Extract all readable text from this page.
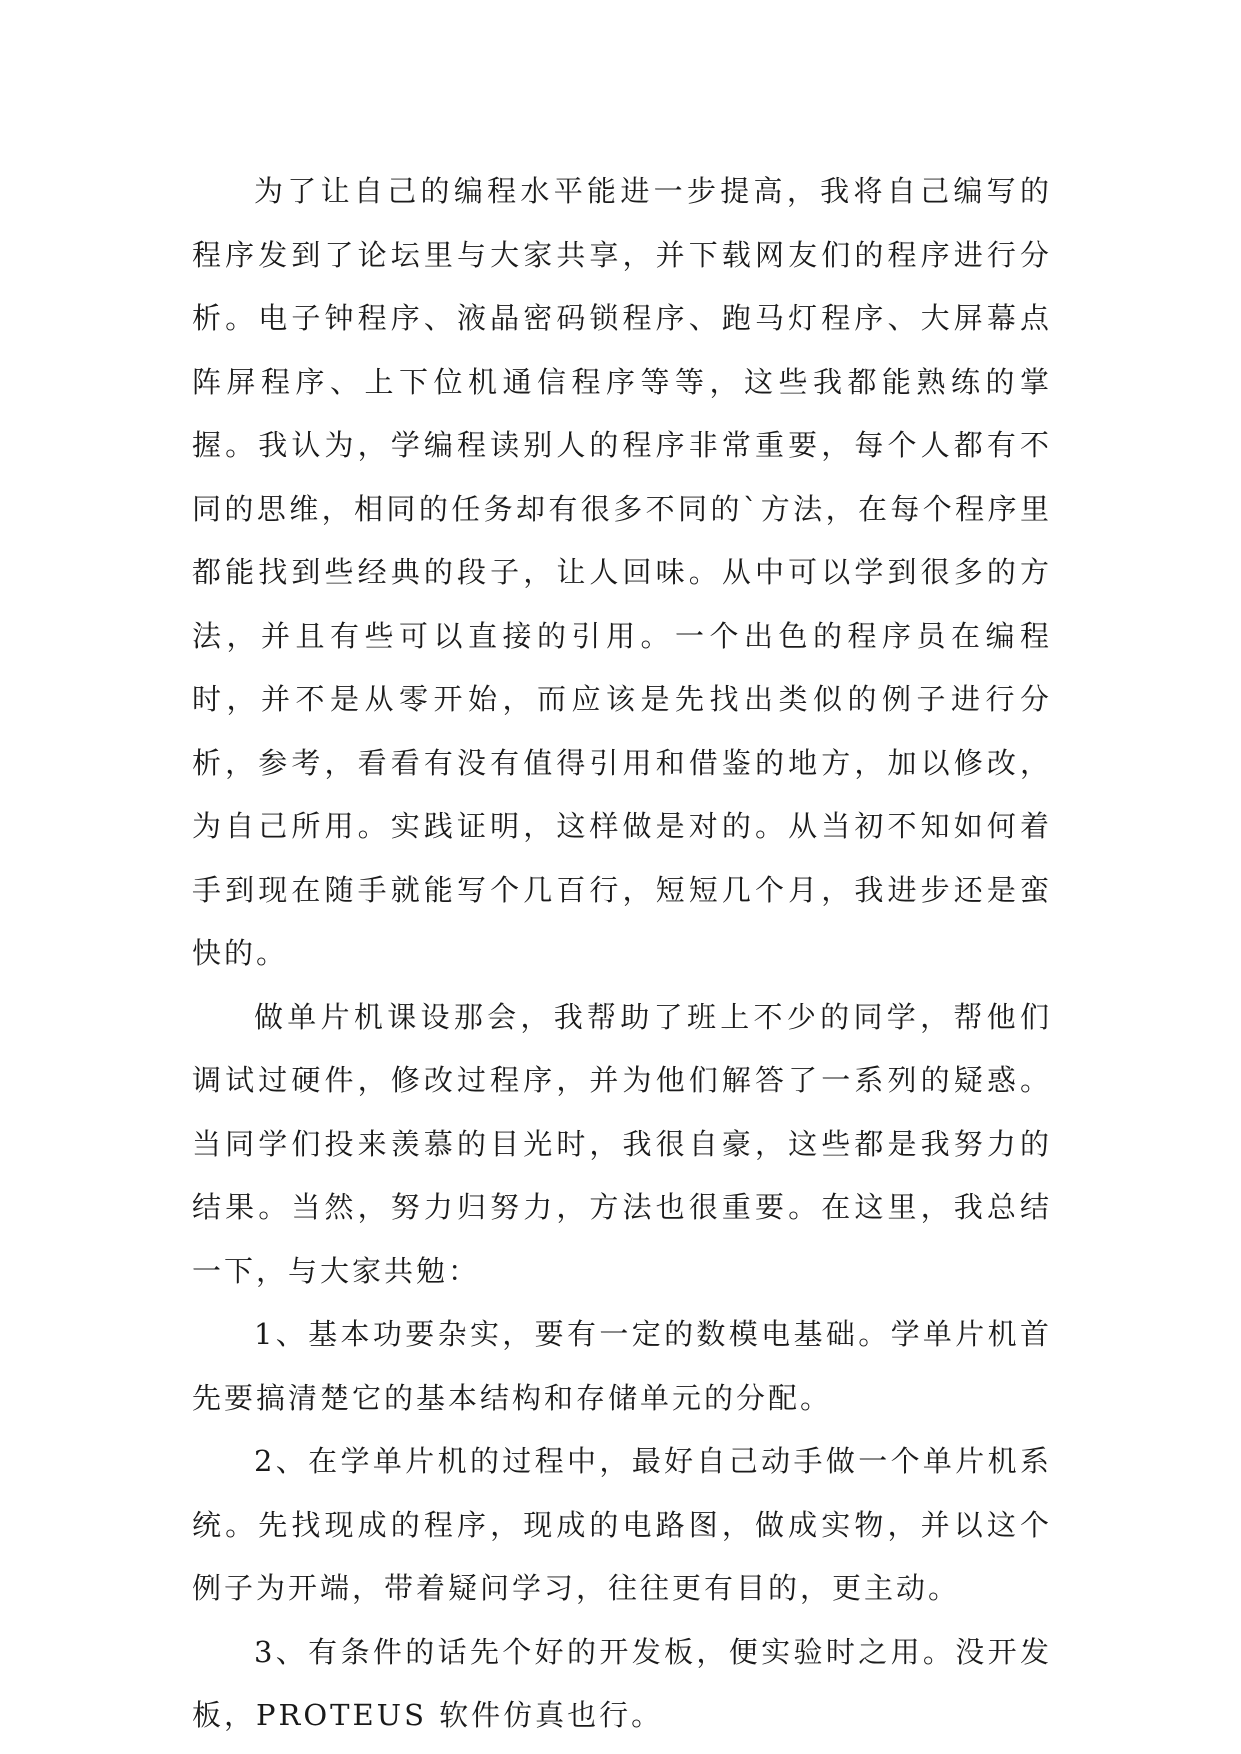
为了让自己的编程水平能进一步提高，我将自己编写的程序发到了论坛里与大家共享，并下载网友们的程序进行分析。电子钟程序、液晶密码锁程序、跑马灯程序、大屏幕点阵屏程序、上下位机通信程序等等，这些我都能熟练的掌握。我认为，学编程读别人的程序非常重要，每个人都有不同的思维，相同的任务却有很多不同的`方法，在每个程序里都能找到些经典的段子，让人回味。从中可以学到很多的方法，并且有些可以直接的引用。一个出色的程序员在编程时，并不是从零开始，而应该是先找出类似的例子进行分析，参考，看看有没有值得引用和借鉴的地方，加以修改，为自己所用。实践证明，这样做是对的。从当初不知如何着手到现在随手就能写个几百行，短短几个月，我进步还是蛮快的。

做单片机课设那会，我帮助了班上不少的同学，帮他们调试过硬件，修改过程序，并为他们解答了一系列的疑惑。当同学们投来羡慕的目光时，我很自豪，这些都是我努力的结果。当然，努力归努力，方法也很重要。在这里，我总结一下，与大家共勉：

1、基本功要杂实，要有一定的数模电基础。学单片机首先要搞清楚它的基本结构和存储单元的分配。

2、在学单片机的过程中，最好自己动手做一个单片机系统。先找现成的程序，现成的电路图，做成实物，并以这个例子为开端，带着疑问学习，往往更有目的，更主动。

3、有条件的话先个好的开发板，便实验时之用。没开发板，PROTEUS 软件仿真也行。
